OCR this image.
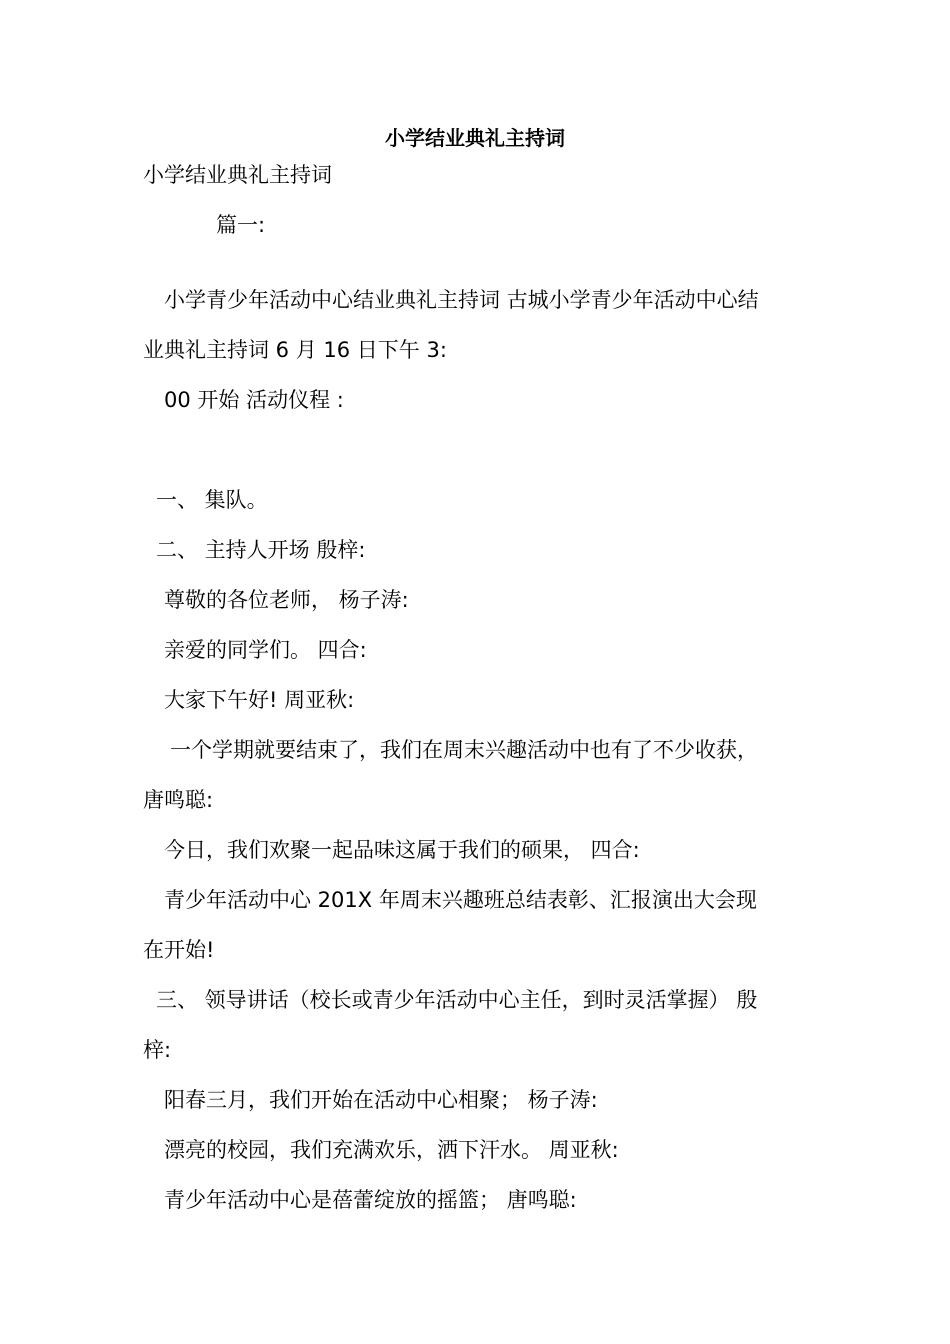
小学结业典礼主持词
小学结业典礼主持词
篇一:
小学青少年活动中心结业典礼主持词 古城小学青少年活动中心结
业典礼主持词 6 月 16 日下午 3:
00 开始 活动仪程 :
一、 集队。
二、 主持人开场 殷梓:
尊敬的各位老师， 杨子涛:
亲爱的同学们。 四合:
大家下午好! 周亚秋:
一个学期就要结束了，我们在周末兴趣活动中也有了不少收获，
唐鸣聪:
今日，我们欢聚一起品味这属于我们的硕果， 四合:
青少年活动中心 201X 年周末兴趣班总结表彰、汇报演出大会现
在开始!
三、 领导讲话（校长或青少年活动中心主任，到时灵活掌握） 殷
梓:
阳春三月，我们开始在活动中心相聚； 杨子涛:
漂亮的校园，我们充满欢乐，洒下汗水。 周亚秋:
青少年活动中心是蓓蕾绽放的摇篮； 唐鸣聪:
